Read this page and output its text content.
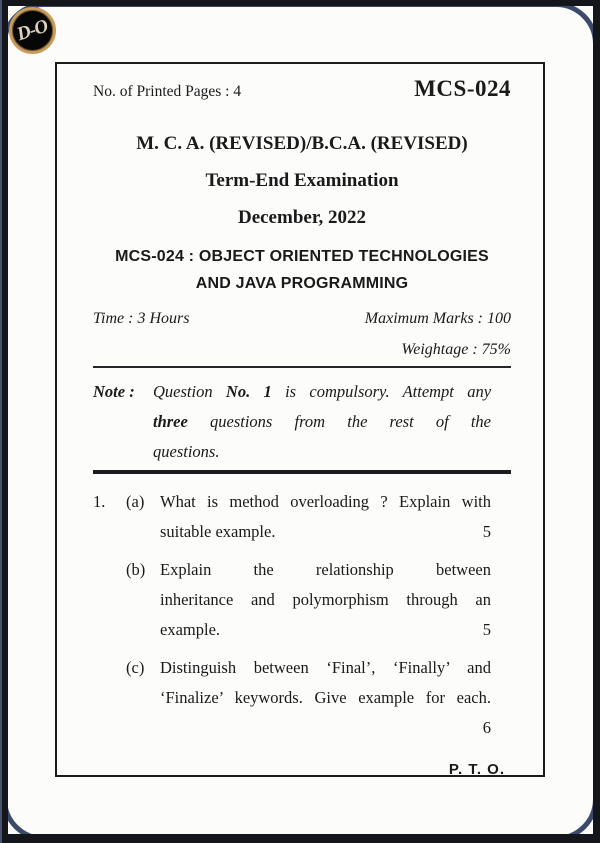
D-O
No. of Printed Pages : 4	MCS-024
M. C. A. (REVISED)/B.C.A. (REVISED)
Term-End Examination
December, 2022
MCS-024 : OBJECT ORIENTED TECHNOLOGIES
AND JAVA PROGRAMMING
Time : 3 Hours	Maximum Marks : 100
Weightage : 75%
Note :	Question No. 1 is compulsory. Attempt any
three questions from the rest of the
questions.
1.	(a) What is method overloading ? Explain with
suitable example.	5
(b) Explain the relationship between
inheritance and polymorphism through an
example.	5
(c) Distinguish between ‘Final’, ‘Finally’ and
‘Finalize’ keywords. Give example for each.
6
P. T. O.
